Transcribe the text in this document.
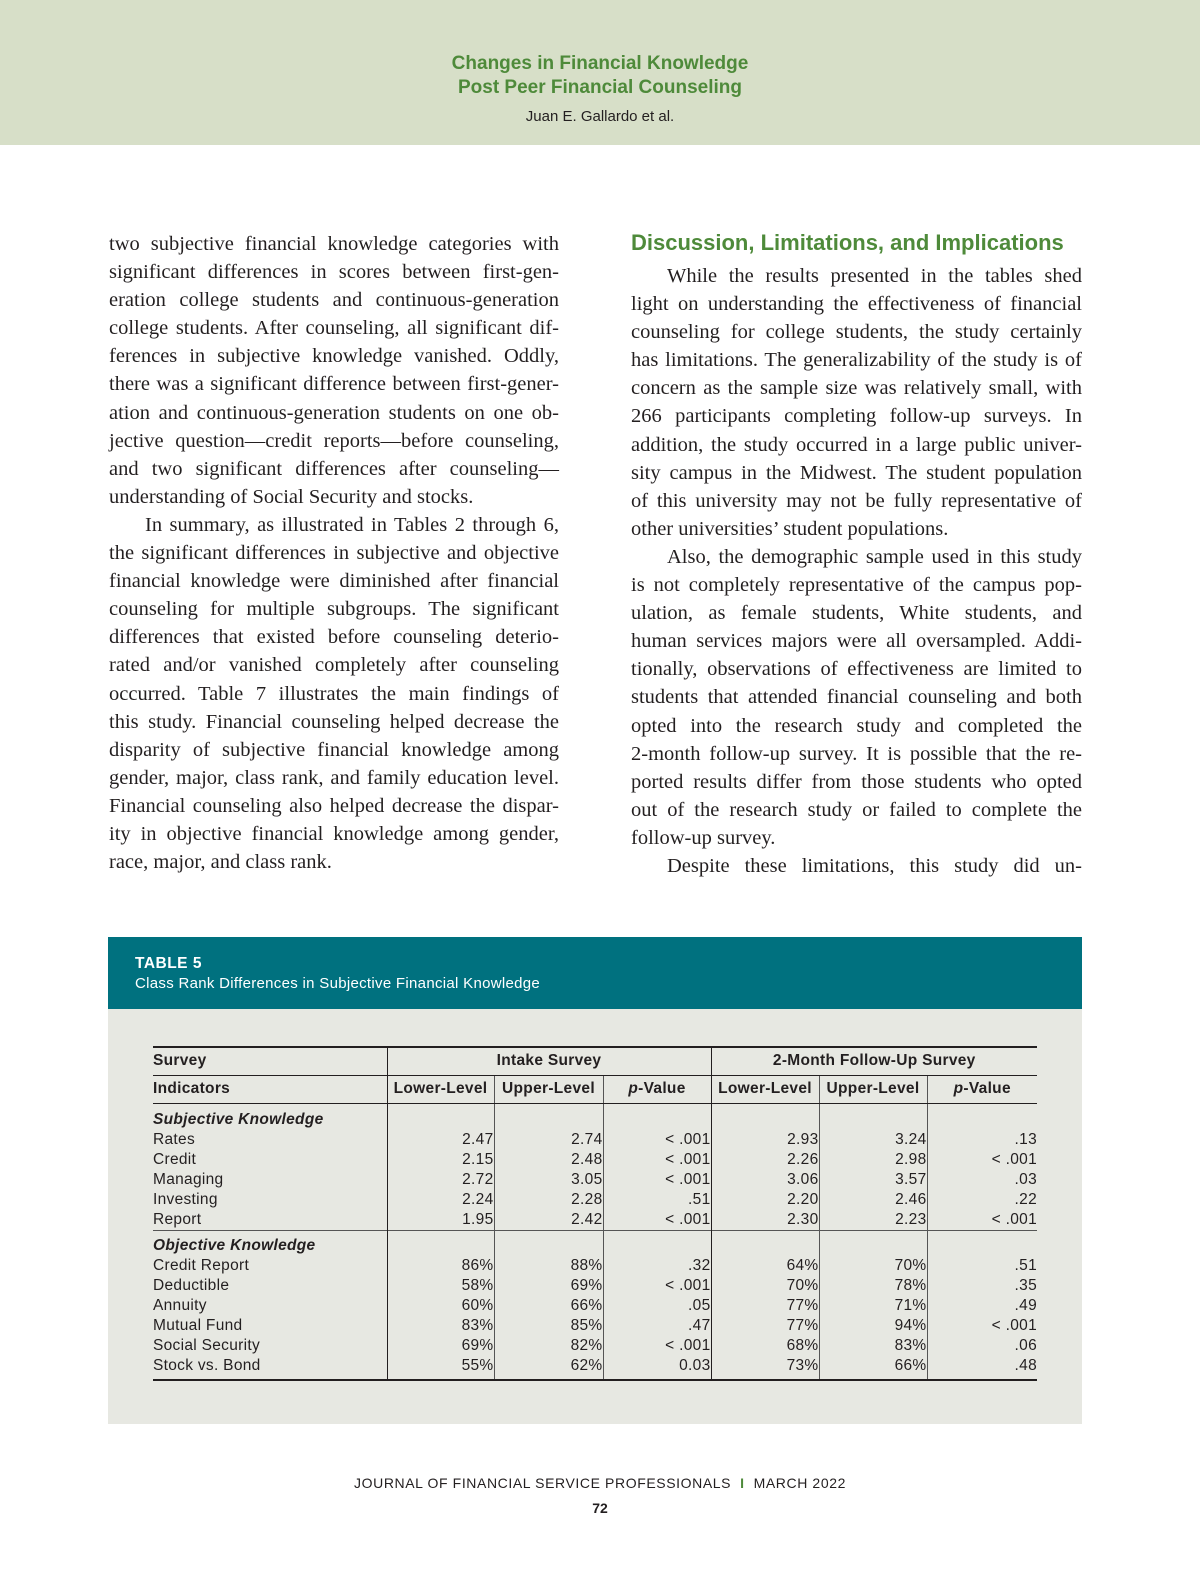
Changes in Financial Knowledge
Post Peer Financial Counseling
Juan E. Gallardo et al.
two subjective financial knowledge categories with
significant differences in scores between first-gen-
eration college students and continuous-generation
college students. After counseling, all significant dif-
ferences in subjective knowledge vanished. Oddly,
there was a significant difference between first-gener-
ation and continuous-generation students on one ob-
jective question—credit reports—before counseling,
and two significant differences after counseling—
understanding of Social Security and stocks.
In summary, as illustrated in Tables 2 through 6,
the significant differences in subjective and objective
financial knowledge were diminished after financial
counseling for multiple subgroups. The significant
differences that existed before counseling deterio-
rated and/or vanished completely after counseling
occurred. Table 7 illustrates the main findings of
this study. Financial counseling helped decrease the
disparity of subjective financial knowledge among
gender, major, class rank, and family education level.
Financial counseling also helped decrease the dispar-
ity in objective financial knowledge among gender,
race, major, and class rank.
Discussion, Limitations, and Implications
While the results presented in the tables shed
light on understanding the effectiveness of financial
counseling for college students, the study certainly
has limitations. The generalizability of the study is of
concern as the sample size was relatively small, with
266 participants completing follow-up surveys. In
addition, the study occurred in a large public univer-
sity campus in the Midwest. The student population
of this university may not be fully representative of
other universities’ student populations.
Also, the demographic sample used in this study
is not completely representative of the campus pop-
ulation, as female students, White students, and
human services majors were all oversampled. Addi-
tionally, observations of effectiveness are limited to
students that attended financial counseling and both
opted into the research study and completed the
2-month follow-up survey. It is possible that the re-
ported results differ from those students who opted
out of the research study or failed to complete the
follow-up survey.
Despite these limitations, this study did un-
TABLE 5
Class Rank Differences in Subjective Financial Knowledge
Survey	Intake Survey			2-Month Follow-Up Survey		
Indicators	Lower-Level	Upper-Level	p-Value	Lower-Level	Upper-Level	p-Value
Subjective Knowledge						
Rates	2.47	2.74	< .001	2.93	3.24	.13
Credit	2.15	2.48	< .001	2.26	2.98	< .001
Managing	2.72	3.05	< .001	3.06	3.57	.03
Investing	2.24	2.28	.51	2.20	2.46	.22
Report	1.95	2.42	< .001	2.30	2.23	< .001
Objective Knowledge						
Credit Report	86%	88%	.32	64%	70%	.51
Deductible	58%	69%	< .001	70%	78%	.35
Annuity	60%	66%	.05	77%	71%	.49
Mutual Fund	83%	85%	.47	77%	94%	< .001
Social Security	69%	82%	< .001	68%	83%	.06
Stock vs. Bond	55%	62%	0.03	73%	66%	.48
JOURNAL OF FINANCIAL SERVICE PROFESSIONALS I MARCH 2022
72
